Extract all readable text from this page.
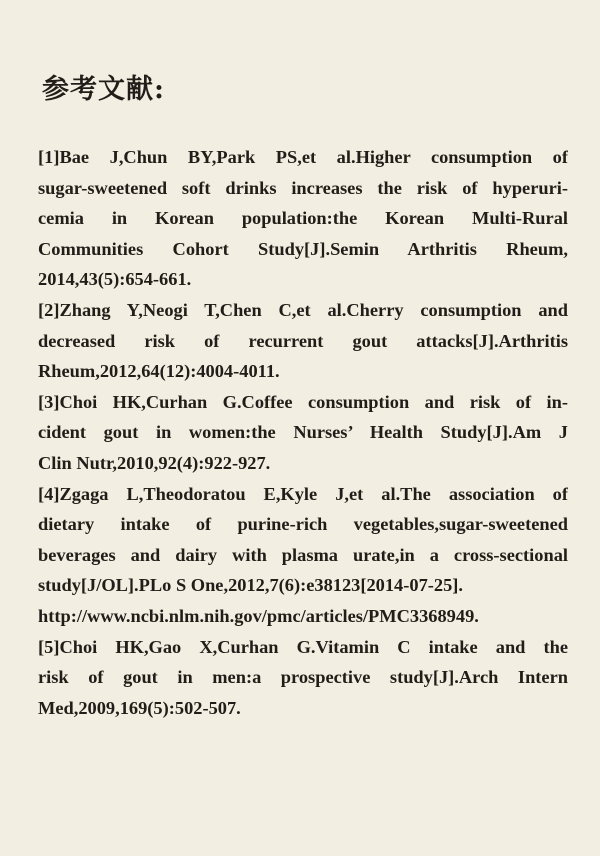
参考文献:
[1]Bae J,Chun BY,Park PS,et al.Higher consumption of
sugar-sweetened soft drinks increases the risk of hyperuri-
cemia in Korean population:the Korean Multi-Rural
Communities Cohort Study[J].Semin Arthritis Rheum,
2014,43(5):654-661.
[2]Zhang Y,Neogi T,Chen C,et al.Cherry consumption and
decreased risk of recurrent gout attacks[J].Arthritis
Rheum,2012,64(12):4004-4011.
[3]Choi HK,Curhan G.Coffee consumption and risk of in-
cident gout in women:the Nurses’ Health Study[J].Am J
Clin Nutr,2010,92(4):922-927.
[4]Zgaga L,Theodoratou E,Kyle J,et al.The association of
dietary intake of purine-rich vegetables,sugar-sweetened
beverages and dairy with plasma urate,in a cross-sectional
study[J/OL].PLo S One,2012,7(6):e38123[2014-07-25].
http://www.ncbi.nlm.nih.gov/pmc/articles/PMC3368949.
[5]Choi HK,Gao X,Curhan G.Vitamin C intake and the
risk of gout in men:a prospective study[J].Arch Intern
Med,2009,169(5):502-507.
